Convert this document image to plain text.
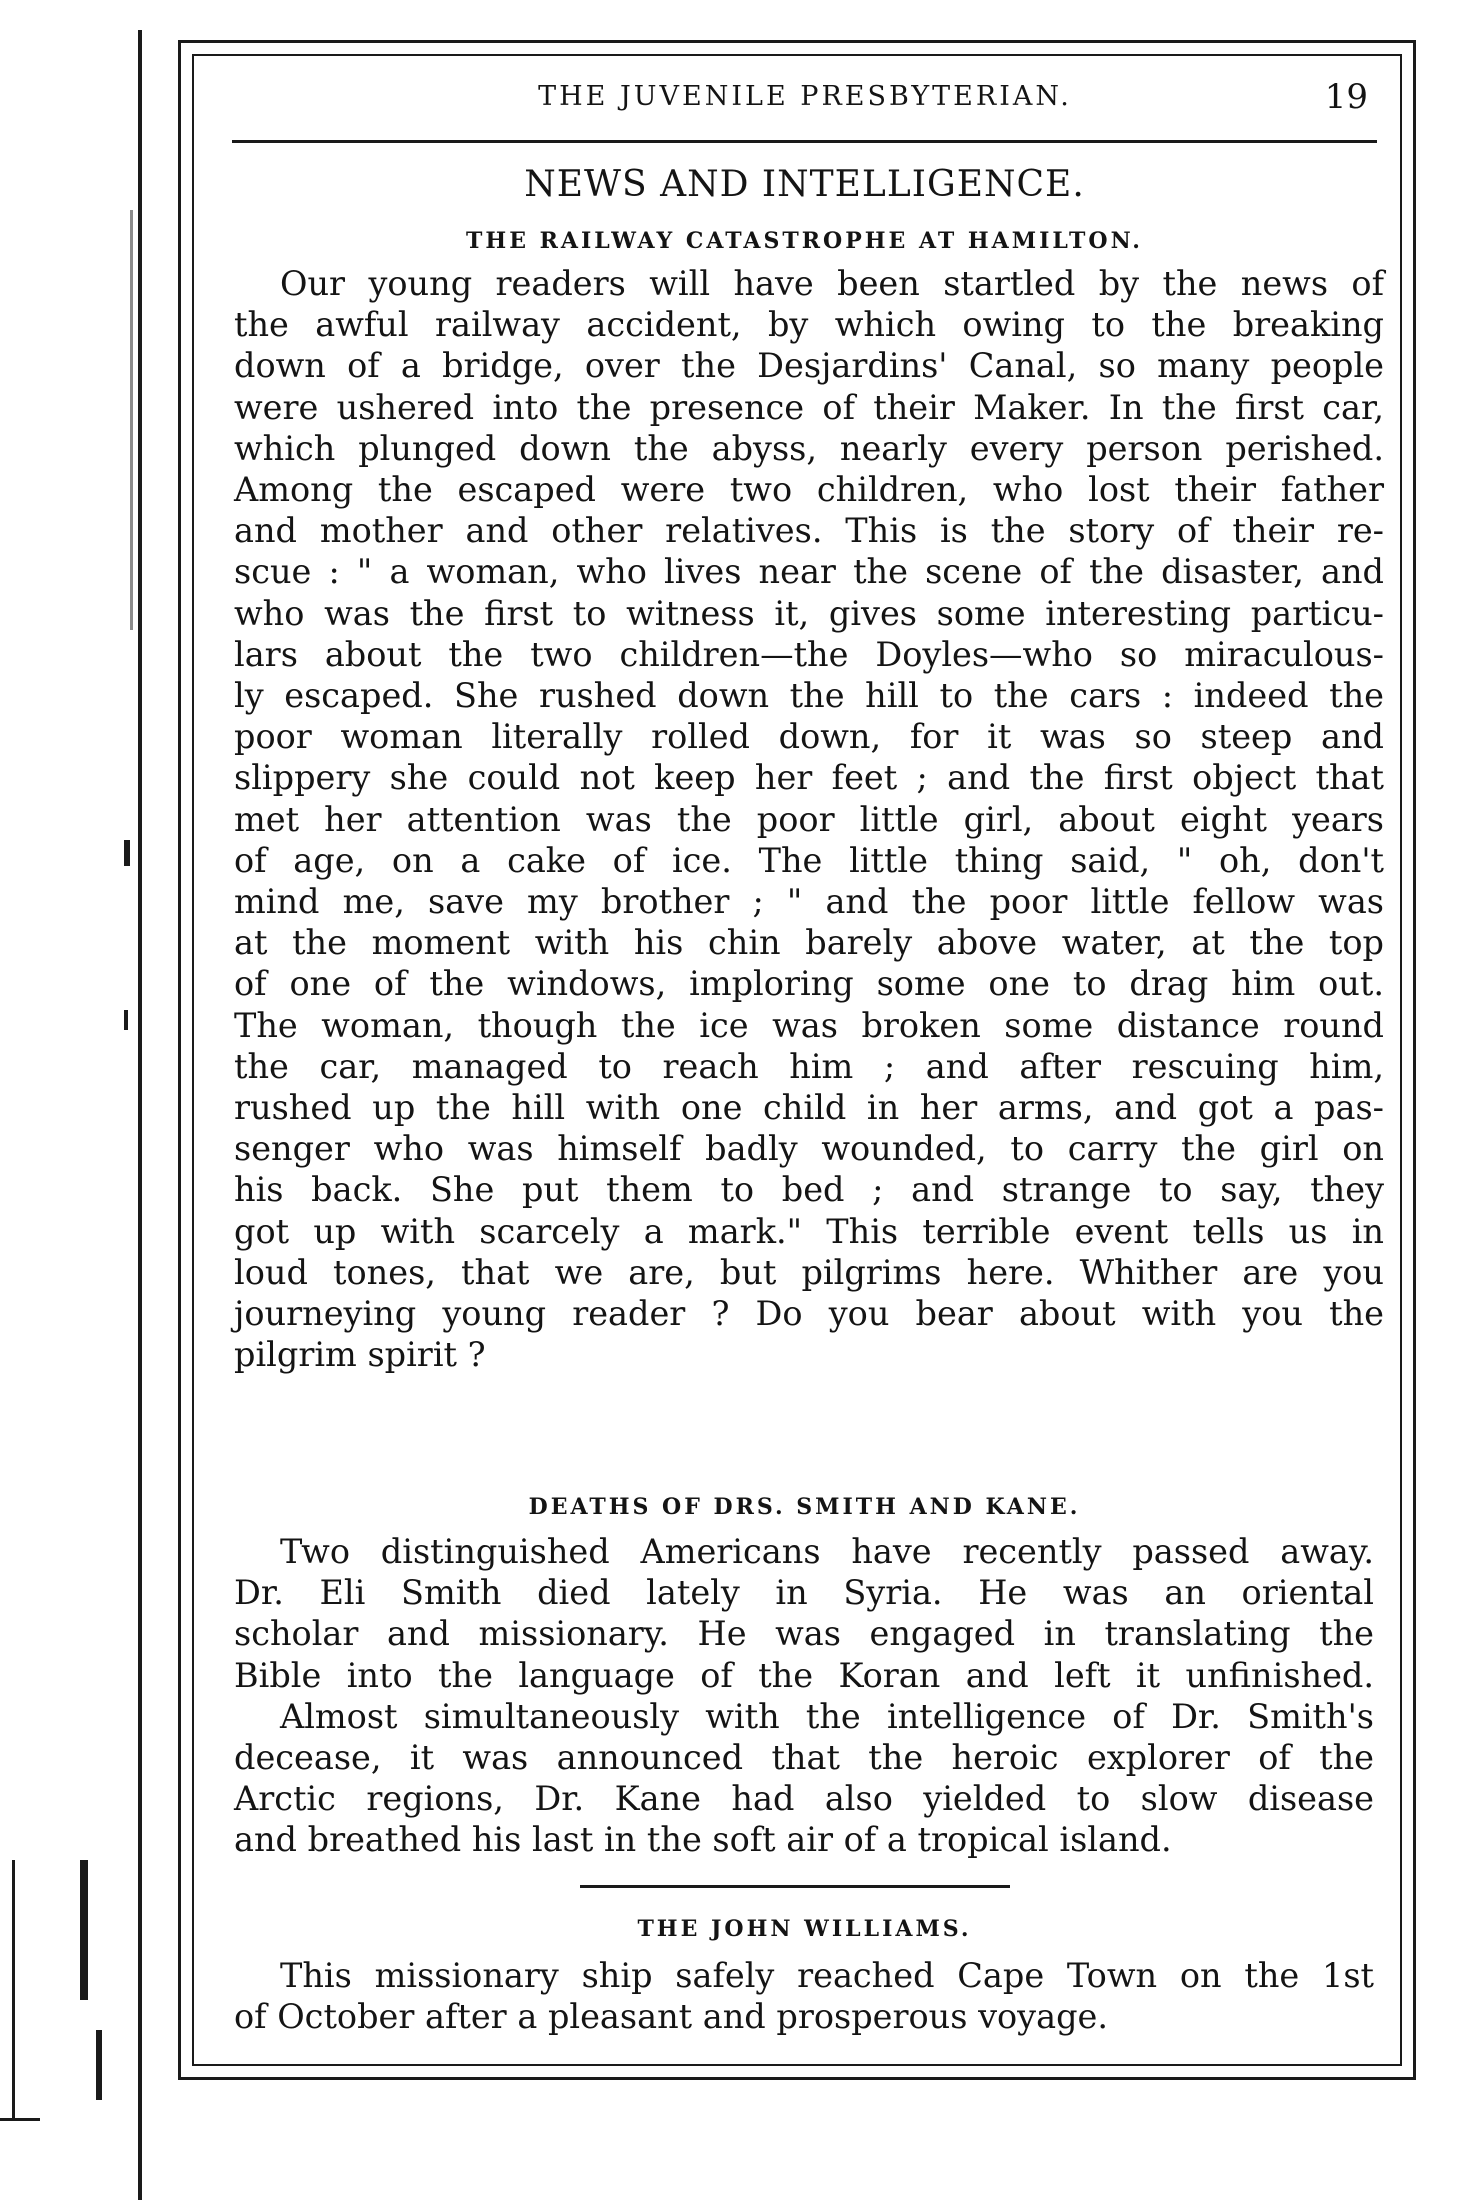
THE JUVENILE PRESBYTERIAN.	19
NEWS AND INTELLIGENCE.
THE RAILWAY CATASTROPHE AT HAMILTON.
Our young readers will have been startled by the news of
the awful railway accident, by which owing to the breaking
down of a bridge, over the Desjardins' Canal, so many people
were ushered into the presence of their Maker. In the first car,
which plunged down the abyss, nearly every person perished.
Among the escaped were two children, who lost their father
and mother and other relatives. This is the story of their re-
scue : " a woman, who lives near the scene of the disaster, and
who was the first to witness it, gives some interesting particu-
lars about the two children—the Doyles—who so miraculous-
ly escaped. She rushed down the hill to the cars : indeed the
poor woman literally rolled down, for it was so steep and
slippery she could not keep her feet ; and the first object that
met her attention was the poor little girl, about eight years
of age, on a cake of ice. The little thing said, " oh, don't
mind me, save my brother ; " and the poor little fellow was
at the moment with his chin barely above water, at the top
of one of the windows, imploring some one to drag him out.
The woman, though the ice was broken some distance round
the car, managed to reach him ; and after rescuing him,
rushed up the hill with one child in her arms, and got a pas-
senger who was himself badly wounded, to carry the girl on
his back. She put them to bed ; and strange to say, they
got up with scarcely a mark." This terrible event tells us in
loud tones, that we are, but pilgrims here. Whither are you
journeying young reader ? Do you bear about with you the
pilgrim spirit ?
DEATHS OF DRS. SMITH AND KANE.
Two distinguished Americans have recently passed away.
Dr. Eli Smith died lately in Syria. He was an oriental
scholar and missionary. He was engaged in translating the
Bible into the language of the Koran and left it unfinished.
Almost simultaneously with the intelligence of Dr. Smith's
decease, it was announced that the heroic explorer of the
Arctic regions, Dr. Kane had also yielded to slow disease
and breathed his last in the soft air of a tropical island.
THE JOHN WILLIAMS.
This missionary ship safely reached Cape Town on the 1st
of October after a pleasant and prosperous voyage.
